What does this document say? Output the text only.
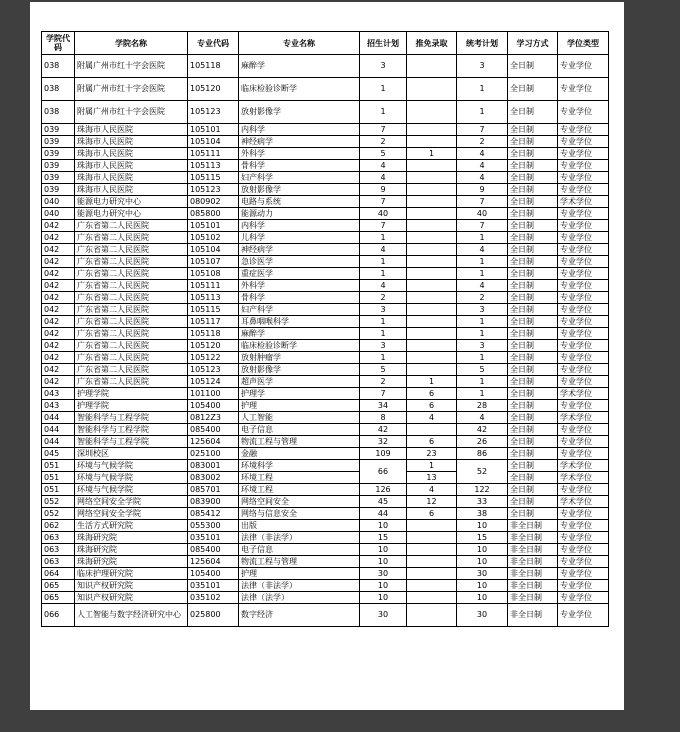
学院代码	学院名称	专业代码	专业名称	招生计划	推免录取	统考计划	学习方式	学位类型
038	附属广州市红十字会医院	105118	麻醉学	3		3	全日制	专业学位
038	附属广州市红十字会医院	105120	临床检验诊断学	1		1	全日制	专业学位
038	附属广州市红十字会医院	105123	放射影像学	1		1	全日制	专业学位
039	珠海市人民医院	105101	内科学	7		7	全日制	专业学位
039	珠海市人民医院	105104	神经病学	2		2	全日制	专业学位
039	珠海市人民医院	105111	外科学	5	1	4	全日制	专业学位
039	珠海市人民医院	105113	骨科学	4		4	全日制	专业学位
039	珠海市人民医院	105115	妇产科学	4		4	全日制	专业学位
039	珠海市人民医院	105123	放射影像学	9		9	全日制	专业学位
040	能源电力研究中心	080902	电路与系统	7		7	全日制	学术学位
040	能源电力研究中心	085800	能源动力	40		40	全日制	专业学位
042	广东省第二人民医院	105101	内科学	7		7	全日制	专业学位
042	广东省第二人民医院	105102	儿科学	1		1	全日制	专业学位
042	广东省第二人民医院	105104	神经病学	4		4	全日制	专业学位
042	广东省第二人民医院	105107	急诊医学	1		1	全日制	专业学位
042	广东省第二人民医院	105108	重症医学	1		1	全日制	专业学位
042	广东省第二人民医院	105111	外科学	4		4	全日制	专业学位
042	广东省第二人民医院	105113	骨科学	2		2	全日制	专业学位
042	广东省第二人民医院	105115	妇产科学	3		3	全日制	专业学位
042	广东省第二人民医院	105117	耳鼻咽喉科学	1		1	全日制	专业学位
042	广东省第二人民医院	105118	麻醉学	1		1	全日制	专业学位
042	广东省第二人民医院	105120	临床检验诊断学	3		3	全日制	专业学位
042	广东省第二人民医院	105122	放射肿瘤学	1		1	全日制	专业学位
042	广东省第二人民医院	105123	放射影像学	5		5	全日制	专业学位
042	广东省第二人民医院	105124	超声医学	2	1	1	全日制	专业学位
043	护理学院	101100	护理学	7	6	1	全日制	学术学位
043	护理学院	105400	护理	34	6	28	全日制	专业学位
044	智能科学与工程学院	0812Z3	人工智能	8	4	4	全日制	学术学位
044	智能科学与工程学院	085400	电子信息	42		42	全日制	专业学位
044	智能科学与工程学院	125604	物流工程与管理	32	6	26	全日制	专业学位
045	深圳校区	025100	金融	109	23	86	全日制	专业学位
051	环境与气候学院	083001	环境科学	66	1	52	全日制	学术学位
051	环境与气候学院	083002	环境工程		13		全日制	学术学位
051	环境与气候学院	085701	环境工程	126	4	122	全日制	专业学位
052	网络空间安全学院	083900	网络空间安全	45	12	33	全日制	学术学位
052	网络空间安全学院	085412	网络与信息安全	44	6	38	全日制	专业学位
062	生活方式研究院	055300	出版	10		10	非全日制	专业学位
063	珠海研究院	035101	法律（非法学）	15		15	非全日制	专业学位
063	珠海研究院	085400	电子信息	10		10	非全日制	专业学位
063	珠海研究院	125604	物流工程与管理	10		10	非全日制	专业学位
064	临床护理研究院	105400	护理	30		30	非全日制	专业学位
065	知识产权研究院	035101	法律（非法学）	10		10	非全日制	专业学位
065	知识产权研究院	035102	法律（法学）	10		10	非全日制	专业学位
066	人工智能与数字经济研究中心	025800	数字经济	30		30	非全日制	专业学位
